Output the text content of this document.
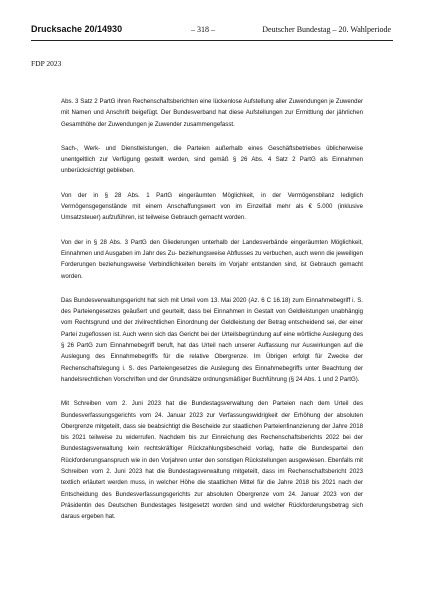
Drucksache 20/14930	– 318 –	Deutscher Bundestag – 20. Wahlperiode
FDP 2023

Abs. 3 Satz 2 PartG ihren Rechenschaftsberichten eine lückenlose Aufstellung aller Zuwendungen je Zuwender mit Namen und Anschrift beigefügt. Der Bundesverband hat diese Aufstellungen zur Ermittlung der jährlichen Gesamthöhe der Zuwendungen je Zuwender zusammengefasst.

Sach-, Werk- und Dienstleistungen, die Parteien außerhalb eines Geschäftsbetriebes üblicherweise unentgeltlich zur Verfügung gestellt werden, sind gemäß § 26 Abs. 4 Satz 2 PartG als Einnahmen unberücksichtigt geblieben.

Von der in § 28 Abs. 1 PartG eingeräumten Möglichkeit, in der Vermögensbilanz lediglich Vermögensgegenstände mit einem Anschaffungswert von im Einzelfall mehr als € 5.000 (inklusive Umsatzsteuer) aufzuführen, ist teilweise Gebrauch gemacht worden.

Von der in § 28 Abs. 3 PartG den Gliederungen unterhalb der Landesverbände eingeräumten Möglichkeit, Einnahmen und Ausgaben im Jahr des Zu- beziehungsweise Abflusses zu verbuchen, auch wenn die jeweiligen Forderungen beziehungsweise Verbindlichkeiten bereits im Vorjahr entstanden sind, ist Gebrauch gemacht worden.

Das Bundesverwaltungsgericht hat sich mit Urteil vom 13. Mai 2020 (Az. 6 C 16.18) zum Einnahmebegriff i. S. des Parteiengesetzes geäußert und geurteilt, dass bei Einnahmen in Gestalt von Geldleistungen unabhängig vom Rechtsgrund und der zivilrechtlichen Einordnung der Geldleistung der Betrag entscheidend sei, der einer Partei zugeflossen ist. Auch wenn sich das Gericht bei der Urteilsbegründung auf eine wörtliche Auslegung des § 26 PartG zum Einnahmebegriff beruft, hat das Urteil nach unserer Auffassung nur Auswirkungen auf die Auslegung des Einnahmebegriffs für die relative Obergrenze. Im Übrigen erfolgt für Zwecke der Rechenschaftslegung i. S. des Parteiengesetzes die Auslegung des Einnahmebegriffs unter Beachtung der handelsrechtlichen Vorschriften und der Grundsätze ordnungsmäßiger Buchführung (§ 24 Abs. 1 und 2 PartG).

Mit Schreiben vom 2. Juni 2023 hat die Bundestagsverwaltung den Parteien nach dem Urteil des Bundesverfassungsgerichts vom 24. Januar 2023 zur Verfassungswidrigkeit der Erhöhung der absoluten Obergrenze mitgeteilt, dass sie beabsichtigt die Bescheide zur staatlichen Parteienfinanzierung der Jahre 2018 bis 2021 teilweise zu widerrufen. Nachdem bis zur Einreichung des Rechenschaftsberichts 2022 bei der Bundestagsverwaltung kein rechtskräftiger Rückzahlungsbescheid vorlag, hatte die Bundespartei den Rückforderungsanspruch wie in den Vorjahren unter den sonstigen Rückstellungen ausgewiesen. Ebenfalls mit Schreiben vom 2. Juni 2023 hat die Bundestagsverwaltung mitgeteilt, dass im Rechenschaftsbericht 2023 textlich erläutert werden muss, in welcher Höhe die staatlichen Mittel für die Jahre 2018 bis 2021 nach der Entscheidung des Bundesverfassungsgerichts zur absoluten Obergrenze vom 24. Januar 2023 von der Präsidentin des Deutschen Bundestages festgesetzt worden sind und welcher Rückforderungsbetrag sich daraus ergeben hat.
